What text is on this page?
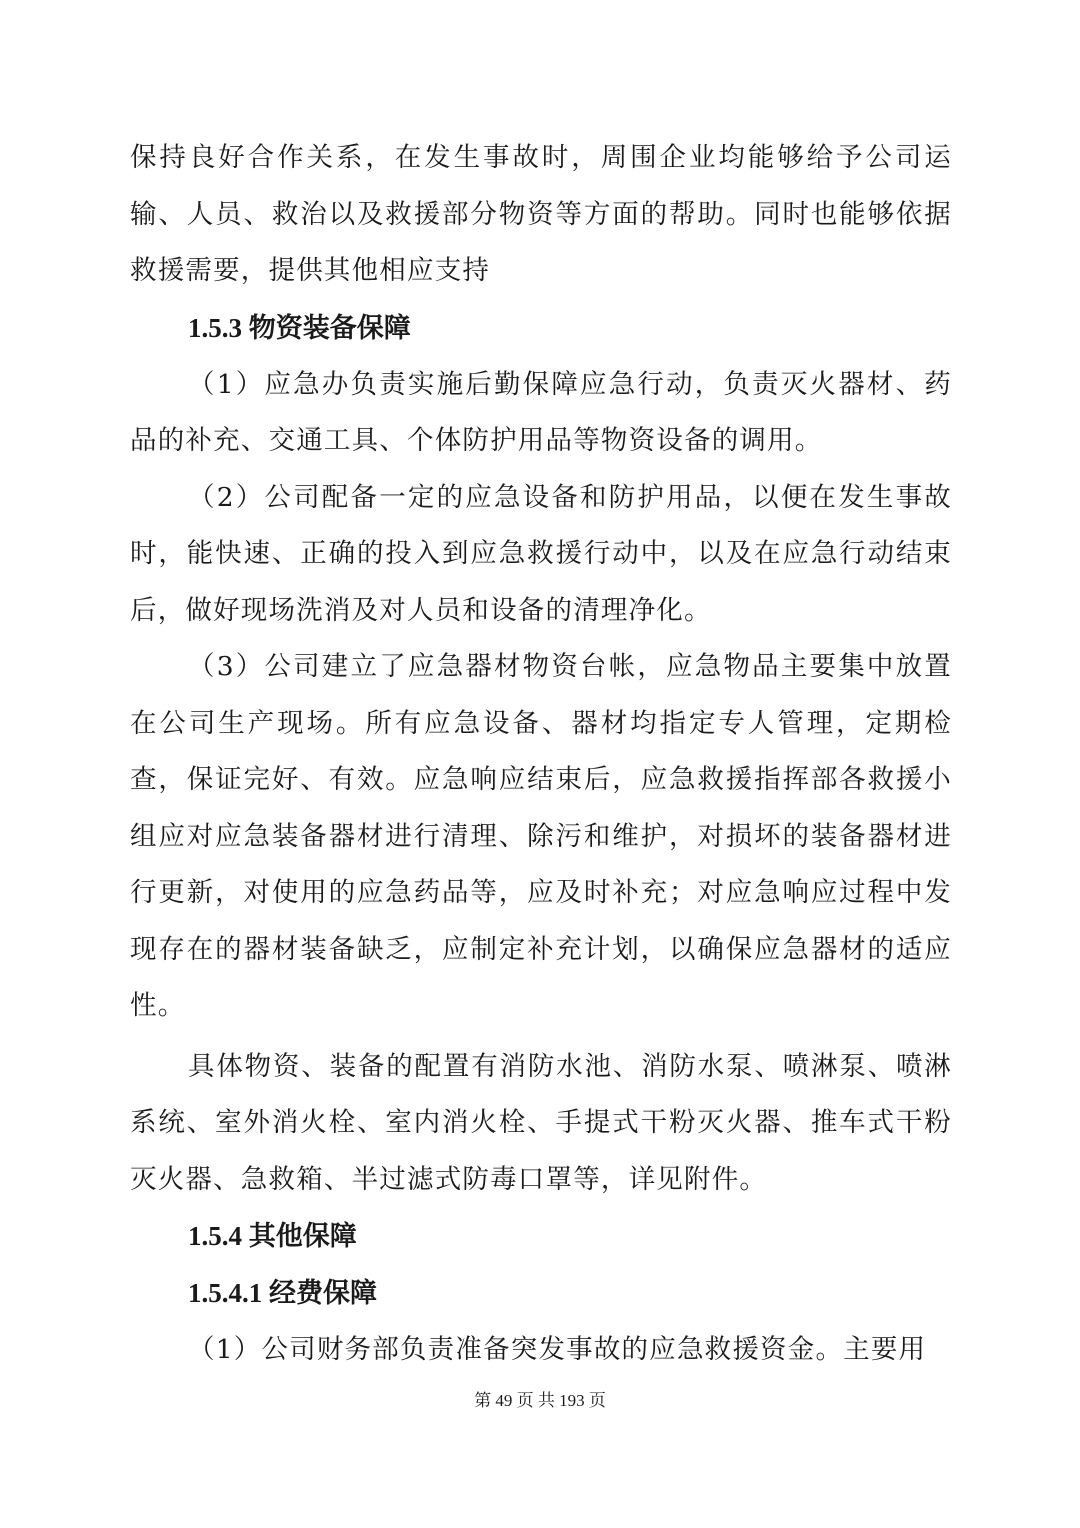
保持良好合作关系，在发生事故时，周围企业均能够给予公司运输、人员、救治以及救援部分物资等方面的帮助。同时也能够依据救援需要，提供其他相应支持

1.5.3 物资装备保障

（1）应急办负责实施后勤保障应急行动，负责灭火器材、药品的补充、交通工具、个体防护用品等物资设备的调用。

（2）公司配备一定的应急设备和防护用品，以便在发生事故时，能快速、正确的投入到应急救援行动中，以及在应急行动结束后，做好现场洗消及对人员和设备的清理净化。

（3）公司建立了应急器材物资台帐，应急物品主要集中放置在公司生产现场。所有应急设备、器材均指定专人管理，定期检查，保证完好、有效。应急响应结束后，应急救援指挥部各救援小组应对应急装备器材进行清理、除污和维护，对损坏的装备器材进行更新，对使用的应急药品等，应及时补充；对应急响应过程中发现存在的器材装备缺乏，应制定补充计划，以确保应急器材的适应性。

具体物资、装备的配置有消防水池、消防水泵、喷淋泵、喷淋系统、室外消火栓、室内消火栓、手提式干粉灭火器、推车式干粉灭火器、急救箱、半过滤式防毒口罩等，详见附件。

1.5.4 其他保障
1.5.4.1 经费保障

（1）公司财务部负责准备突发事故的应急救援资金。主要用

第 49 页 共 193 页
